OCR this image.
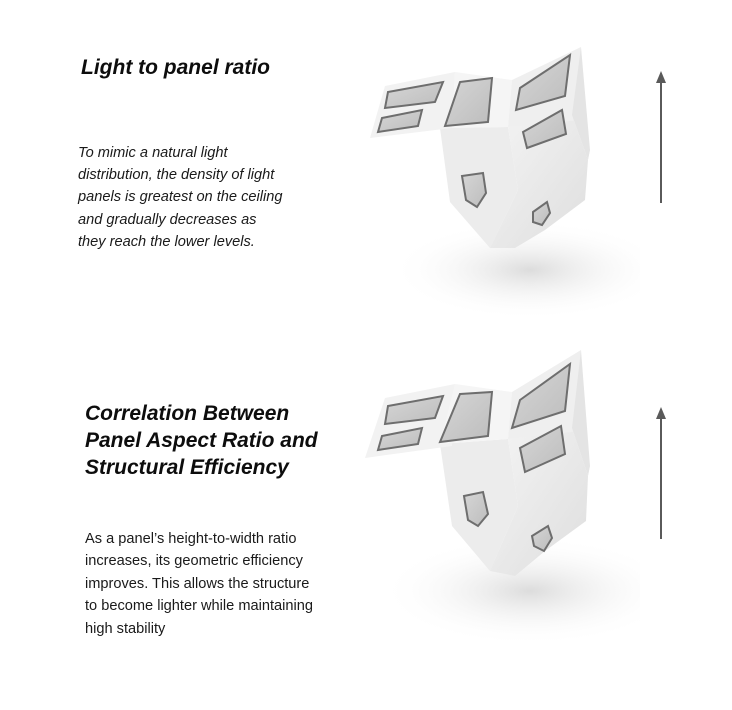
Light to panel ratio

To mimic a natural light
distribution, the density of light
panels is greatest on the ceiling
and gradually decreases as
they reach the lower levels.

Correlation Between
Panel Aspect Ratio and
Structural Efficiency

As a panel’s height-to-width ratio
increases, its geometric efficiency
improves. This allows the structure
to become lighter while maintaining
high stability
